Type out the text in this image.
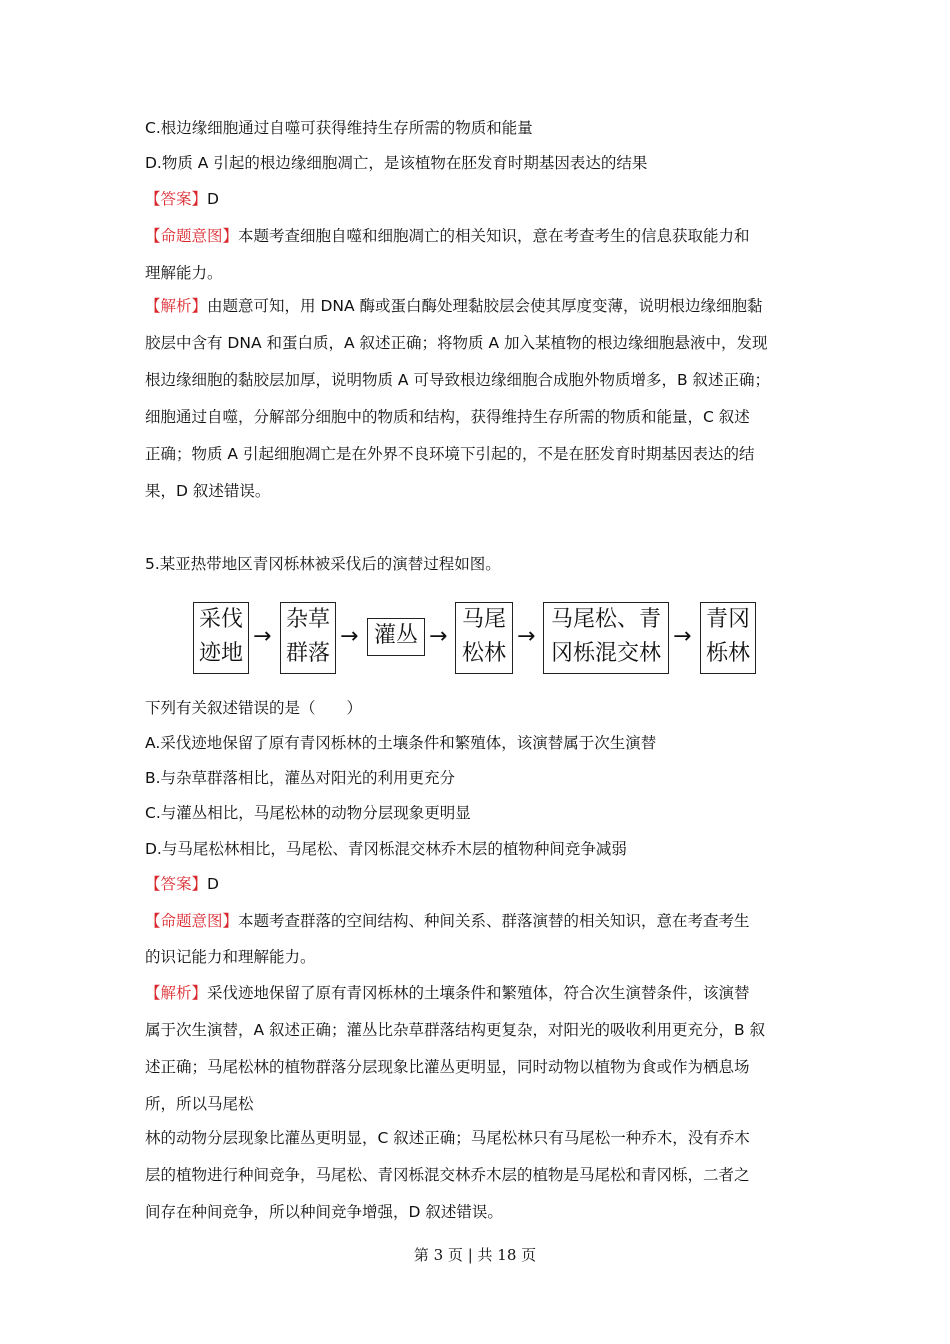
C.根边缘细胞通过自噬可获得维持生存所需的物质和能量
D.物质 A 引起的根边缘细胞凋亡，是该植物在胚发育时期基因表达的结果
【答案】D
【命题意图】本题考查细胞自噬和细胞凋亡的相关知识，意在考查考生的信息获取能力和
理解能力。
【解析】由题意可知，用 DNA 酶或蛋白酶处理黏胶层会使其厚度变薄，说明根边缘细胞黏
胶层中含有 DNA 和蛋白质，A 叙述正确；将物质 A 加入某植物的根边缘细胞悬液中，发现
根边缘细胞的黏胶层加厚，说明物质 A 可导致根边缘细胞合成胞外物质增多，B 叙述正确；
细胞通过自噬，分解部分细胞中的物质和结构，获得维持生存所需的物质和能量，C 叙述
正确；物质 A 引起细胞凋亡是在外界不良环境下引起的，不是在胚发育时期基因表达的结
果，D 叙述错误。
5.某亚热带地区青冈栎林被采伐后的演替过程如图。
采伐
迹地
→
杂草
群落
→ 灌丛 →
马尾
松林
→
马尾松、青
冈栎混交林
→
青冈
栎林
下列有关叙述错误的是（　　）
A.采伐迹地保留了原有青冈栎林的土壤条件和繁殖体，该演替属于次生演替
B.与杂草群落相比，灌丛对阳光的利用更充分
C.与灌丛相比，马尾松林的动物分层现象更明显
D.与马尾松林相比，马尾松、青冈栎混交林乔木层的植物种间竞争减弱
【答案】D
【命题意图】本题考查群落的空间结构、种间关系、群落演替的相关知识，意在考查考生
的识记能力和理解能力。
【解析】采伐迹地保留了原有青冈栎林的土壤条件和繁殖体，符合次生演替条件，该演替
属于次生演替，A 叙述正确；灌丛比杂草群落结构更复杂，对阳光的吸收利用更充分，B 叙
述正确；马尾松林的植物群落分层现象比灌丛更明显，同时动物以植物为食或作为栖息场
所，所以马尾松
林的动物分层现象比灌丛更明显，C 叙述正确；马尾松林只有马尾松一种乔木，没有乔木
层的植物进行种间竞争，马尾松、青冈栎混交林乔木层的植物是马尾松和青冈栎，二者之
间存在种间竞争，所以种间竞争增强，D 叙述错误。
第 3 页 | 共 18 页
